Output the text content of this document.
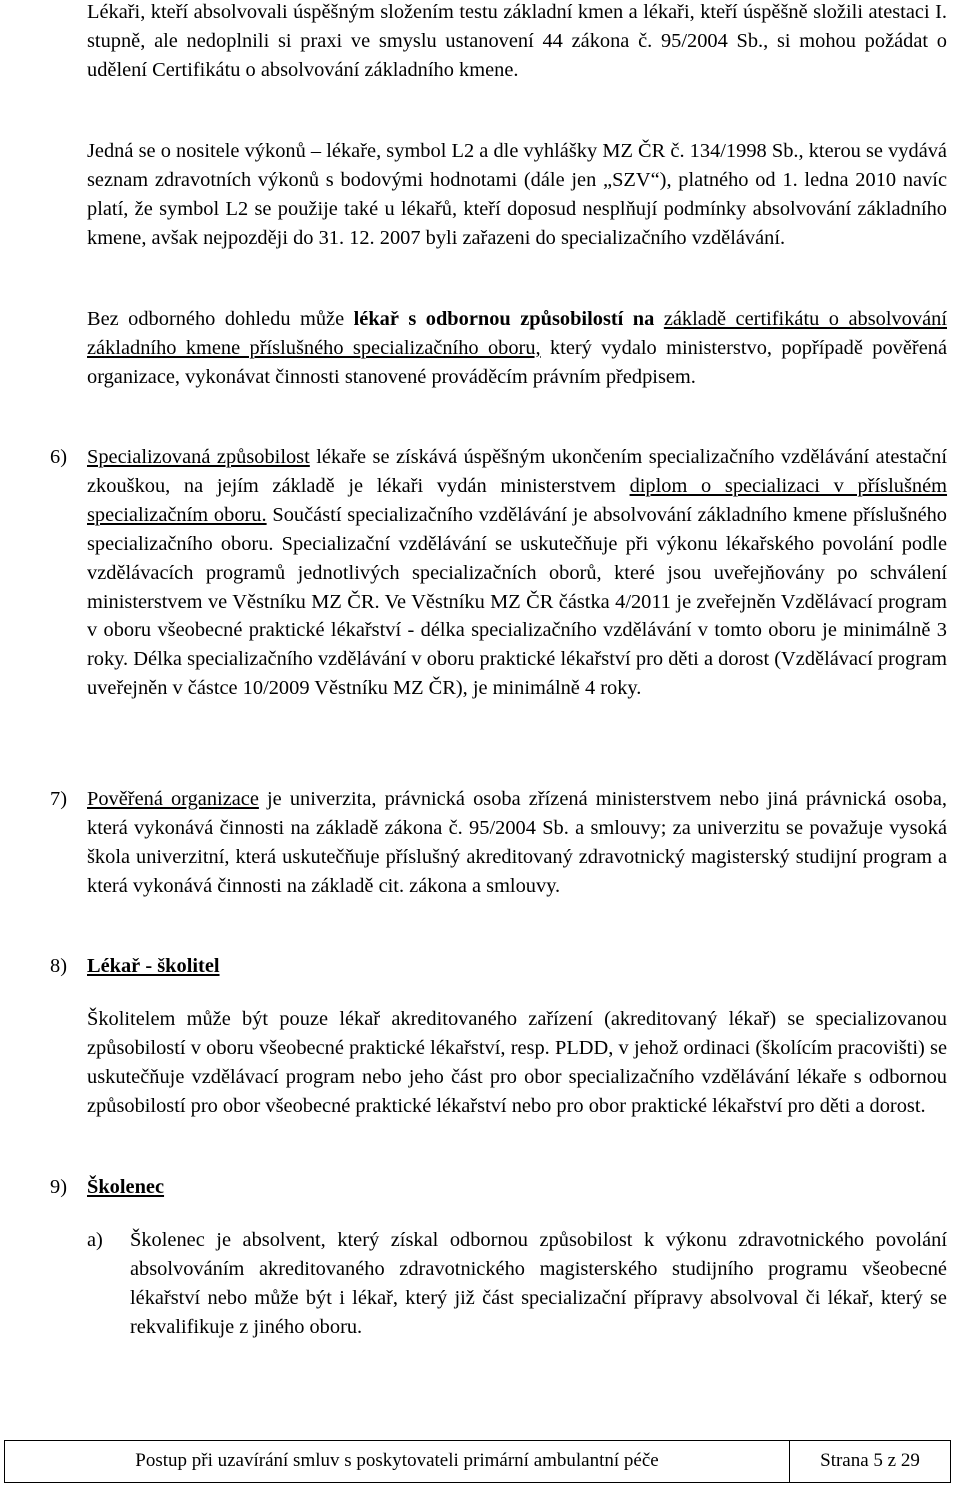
Lékaři, kteří absolvovali úspěšným složením testu základní kmen a lékaři, kteří úspěšně složili atestaci I. stupně, ale nedoplnili si praxi ve smyslu ustanovení 44 zákona č. 95/2004 Sb., si mohou požádat o udělení Certifikátu o absolvování základního kmene.

Jedná se o nositele výkonů – lékaře, symbol L2 a dle vyhlášky MZ ČR č. 134/1998 Sb., kterou se vydává seznam zdravotních výkonů s bodovými hodnotami (dále jen „SZV“), platného od 1. ledna 2010 navíc platí, že symbol L2 se použije také u lékařů, kteří doposud nesplňují podmínky absolvování základního kmene, avšak nejpozději do 31. 12. 2007 byli zařazeni do specializačního vzdělávání.

Bez odborného dohledu může lékař s odbornou způsobilostí na základě certifikátu o absolvování základního kmene příslušného specializačního oboru, který vydalo ministerstvo, popřípadě pověřená organizace, vykonávat činnosti stanovené prováděcím právním předpisem.

6) Specializovaná způsobilost lékaře se získává úspěšným ukončením specializačního vzdělávání atestační zkouškou, na jejím základě je lékaři vydán ministerstvem diplom o specializaci v příslušném specializačním oboru. Součástí specializačního vzdělávání je absolvování základního kmene příslušného specializačního oboru. Specializační vzdělávání se uskutečňuje při výkonu lékařského povolání podle vzdělávacích programů jednotlivých specializačních oborů, které jsou uveřejňovány po schválení ministerstvem ve Věstníku MZ ČR. Ve Věstníku MZ ČR částka 4/2011 je zveřejněn Vzdělávací program v oboru všeobecné praktické lékařství - délka specializačního vzdělávání v tomto oboru je minimálně 3 roky. Délka specializačního vzdělávání v oboru praktické lékařství pro děti a dorost (Vzdělávací program uveřejněn v částce 10/2009 Věstníku MZ ČR), je minimálně 4 roky.

7) Pověřená organizace je univerzita, právnická osoba zřízená ministerstvem nebo jiná právnická osoba, která vykonává činnosti na základě zákona č. 95/2004 Sb. a smlouvy; za univerzitu se považuje vysoká škola univerzitní, která uskutečňuje příslušný akreditovaný zdravotnický magisterský studijní program a která vykonává činnosti na základě cit. zákona a smlouvy.

8) Lékař - školitel

Školitelem může být pouze lékař akreditovaného zařízení (akreditovaný lékař) se specializovanou způsobilostí v oboru všeobecné praktické lékařství, resp. PLDD, v jehož ordinaci (školícím pracovišti) se uskutečňuje vzdělávací program nebo jeho část pro obor specializačního vzdělávání lékaře s odbornou způsobilostí pro obor všeobecné praktické lékařství nebo pro obor praktické lékařství pro děti a dorost.

9) Školenec

a) Školenec je absolvent, který získal odbornou způsobilost k výkonu zdravotnického povolání absolvováním akreditovaného zdravotnického magisterského studijního programu všeobecné lékařství nebo může být i lékař, který již část specializační přípravy absolvoval či lékař, který se rekvalifikuje z jiného oboru.

Postup při uzavírání smluv s poskytovateli primární ambulantní péče	Strana 5 z 29
